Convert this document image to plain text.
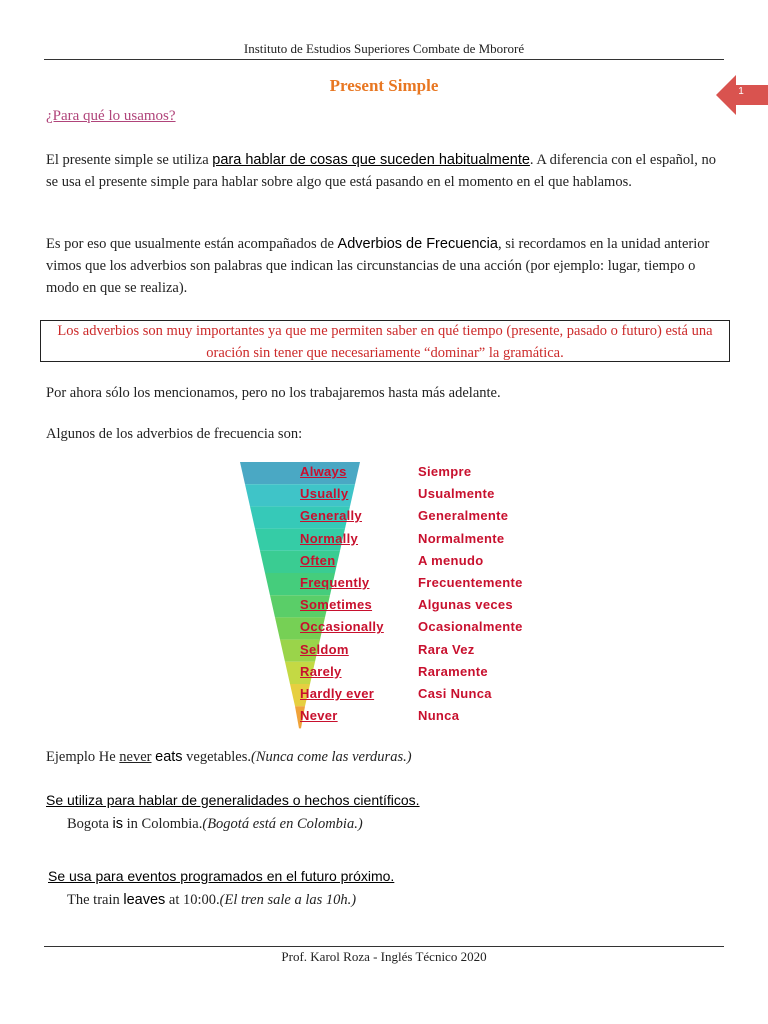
Instituto de Estudios Superiores Combate de Mbororé
1
Present Simple
¿Para qué lo usamos?
El presente simple se utiliza para hablar de cosas que suceden habitualmente. A diferencia con el español, no se usa el presente simple para hablar sobre algo que está pasando en el momento en el que hablamos.
Es por eso que usualmente están acompañados de Adverbios de Frecuencia, si recordamos en la unidad anterior vimos que los adverbios son palabras que indican las circunstancias de una acción (por ejemplo: lugar, tiempo o modo en que se realiza).
Los adverbios son muy importantes ya que me permiten saber en qué tiempo (presente, pasado o futuro) está una oración sin tener que necesariamente “dominar” la gramática.
Por ahora sólo los mencionamos, pero no los trabajaremos hasta más adelante.
Algunos de los adverbios de frecuencia son:
Always	Siempre
Usually	Usualmente
Generally	Generalmente
Normally	Normalmente
Often	A menudo
Frequently	Frecuentemente
Sometimes	Algunas veces
Occasionally	Ocasionalmente
Seldom	Rara Vez
Rarely	Raramente
Hardly ever	Casi Nunca
Never	Nunca
Ejemplo He never eats vegetables.(Nunca come las verduras.)
Se utiliza para hablar de generalidades o hechos científicos.
Bogota is in Colombia.(Bogotá está en Colombia.)
Se usa para eventos programados en el futuro próximo.
The train leaves at 10:00.(El tren sale a las 10h.)
Prof. Karol Roza - Inglés Técnico 2020
